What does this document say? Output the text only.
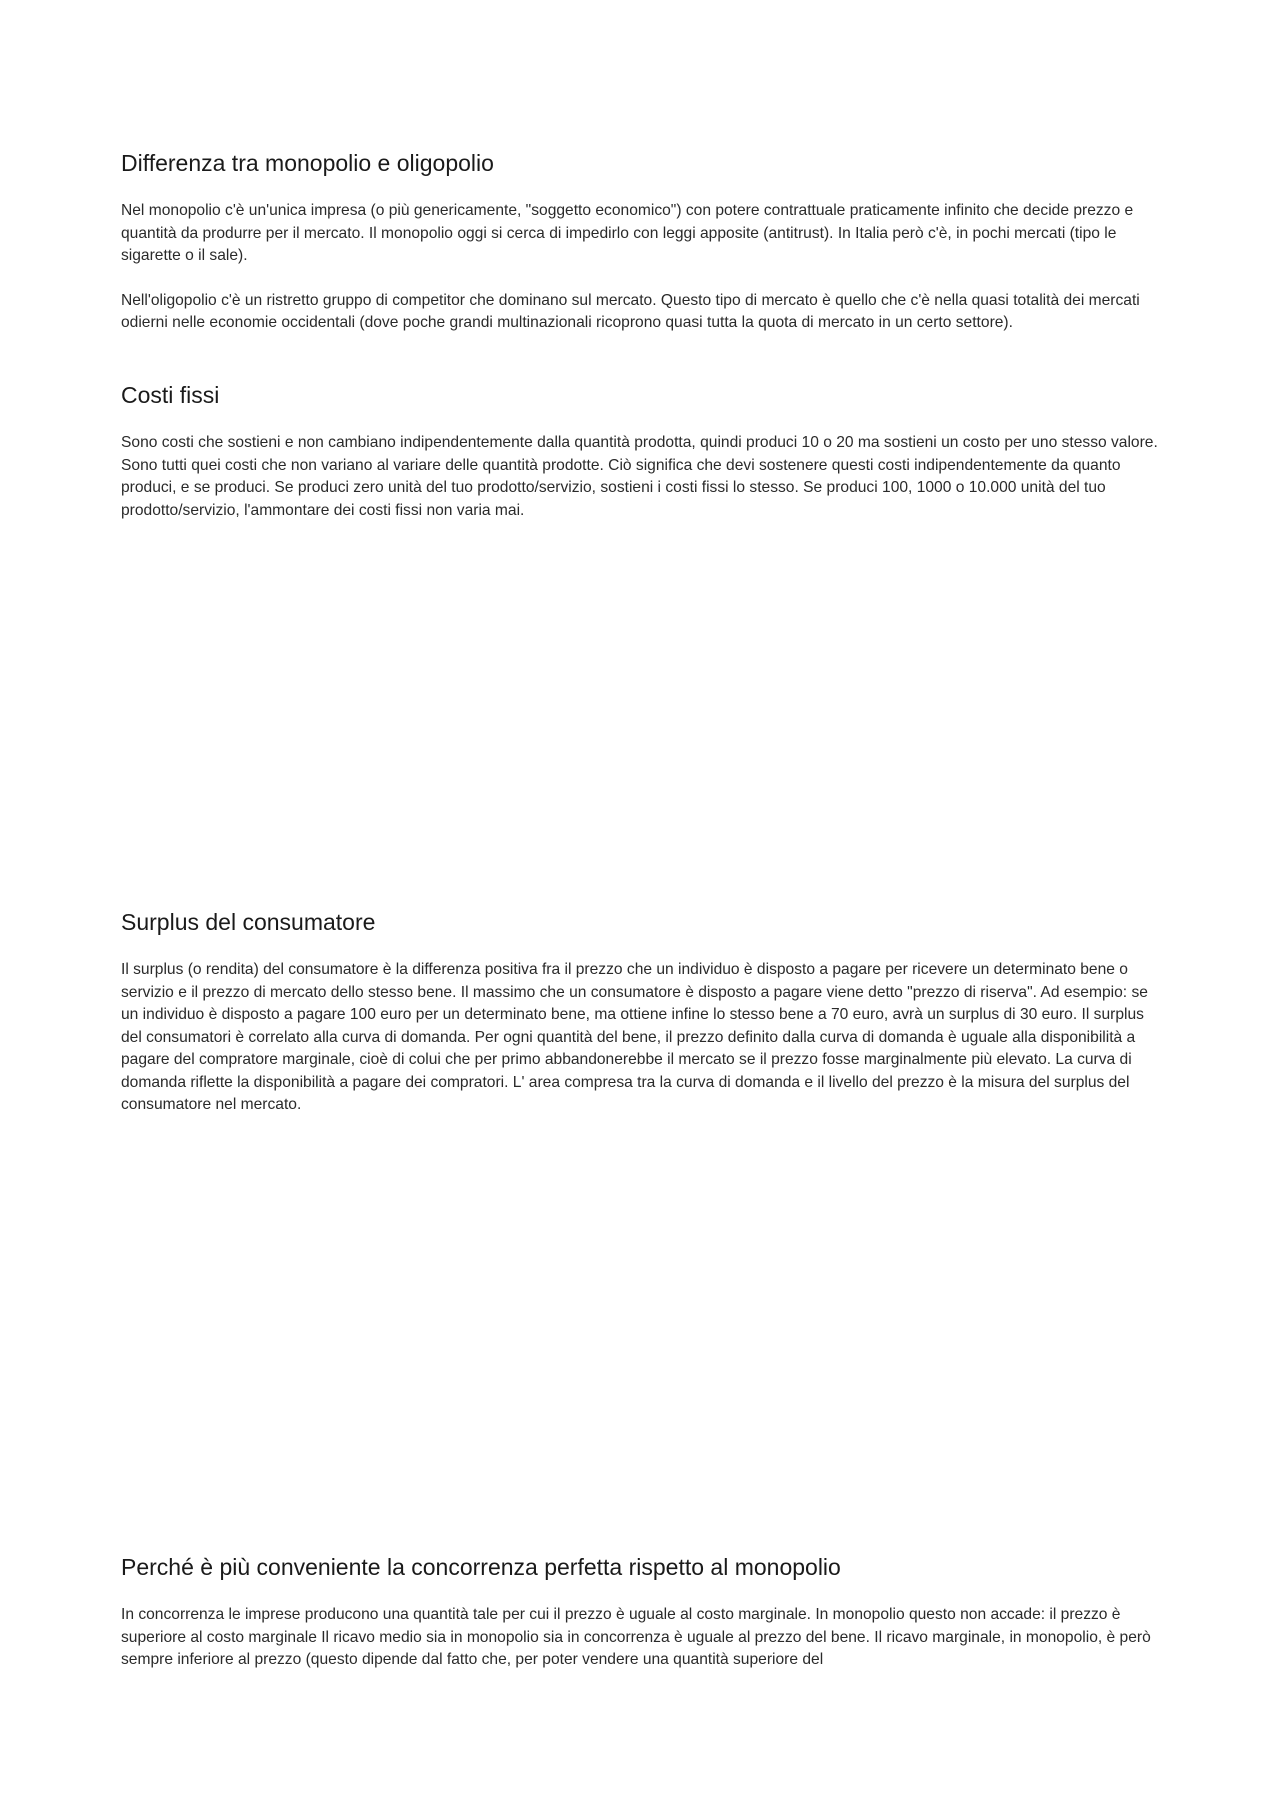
Differenza tra monopolio e oligopolio

Nel monopolio c'è un'unica impresa (o più genericamente, "soggetto economico") con potere contrattuale praticamente infinito che decide prezzo e quantità da produrre per il mercato. Il monopolio oggi si cerca di impedirlo con leggi apposite (antitrust). In Italia però c'è, in pochi mercati (tipo le sigarette o il sale).

Nell'oligopolio c'è un ristretto gruppo di competitor che dominano sul mercato. Questo tipo di mercato è quello che c'è nella quasi totalità dei mercati odierni nelle economie occidentali (dove poche grandi multinazionali ricoprono quasi tutta la quota di mercato in un certo settore).

Costi fissi

Sono costi che sostieni e non cambiano indipendentemente dalla quantità prodotta, quindi produci 10 o 20 ma sostieni un costo per uno stesso valore. Sono tutti quei costi che non variano al variare delle quantità prodotte. Ciò significa che devi sostenere questi costi indipendentemente da quanto produci, e se produci. Se produci zero unità del tuo prodotto/servizio, sostieni i costi fissi lo stesso. Se produci 100, 1000 o 10.000 unità del tuo prodotto/servizio, l'ammontare dei costi fissi non varia mai.

Surplus del consumatore

Il surplus (o rendita) del consumatore è la differenza positiva fra il prezzo che un individuo è disposto a pagare per ricevere un determinato bene o servizio e il prezzo di mercato dello stesso bene. Il massimo che un consumatore è disposto a pagare viene detto "prezzo di riserva". Ad esempio: se un individuo è disposto a pagare 100 euro per un determinato bene, ma ottiene infine lo stesso bene a 70 euro, avrà un surplus di 30 euro. Il surplus del consumatori è correlato alla curva di domanda. Per ogni quantità del bene, il prezzo definito dalla curva di domanda è uguale alla disponibilità a pagare del compratore marginale, cioè di colui che per primo abbandonerebbe il mercato se il prezzo fosse marginalmente più elevato. La curva di domanda riflette la disponibilità a pagare dei compratori. L' area compresa tra la curva di domanda e il livello del prezzo è la misura del surplus del consumatore nel mercato.

Perché è più conveniente la concorrenza perfetta rispetto al monopolio

In concorrenza le imprese producono una quantità tale per cui il prezzo è uguale al costo marginale. In monopolio questo non accade: il prezzo è superiore al costo marginale Il ricavo medio sia in monopolio sia in concorrenza è uguale al prezzo del bene. Il ricavo marginale, in monopolio, è però sempre inferiore al prezzo (questo dipende dal fatto che, per poter vendere una quantità superiore del
